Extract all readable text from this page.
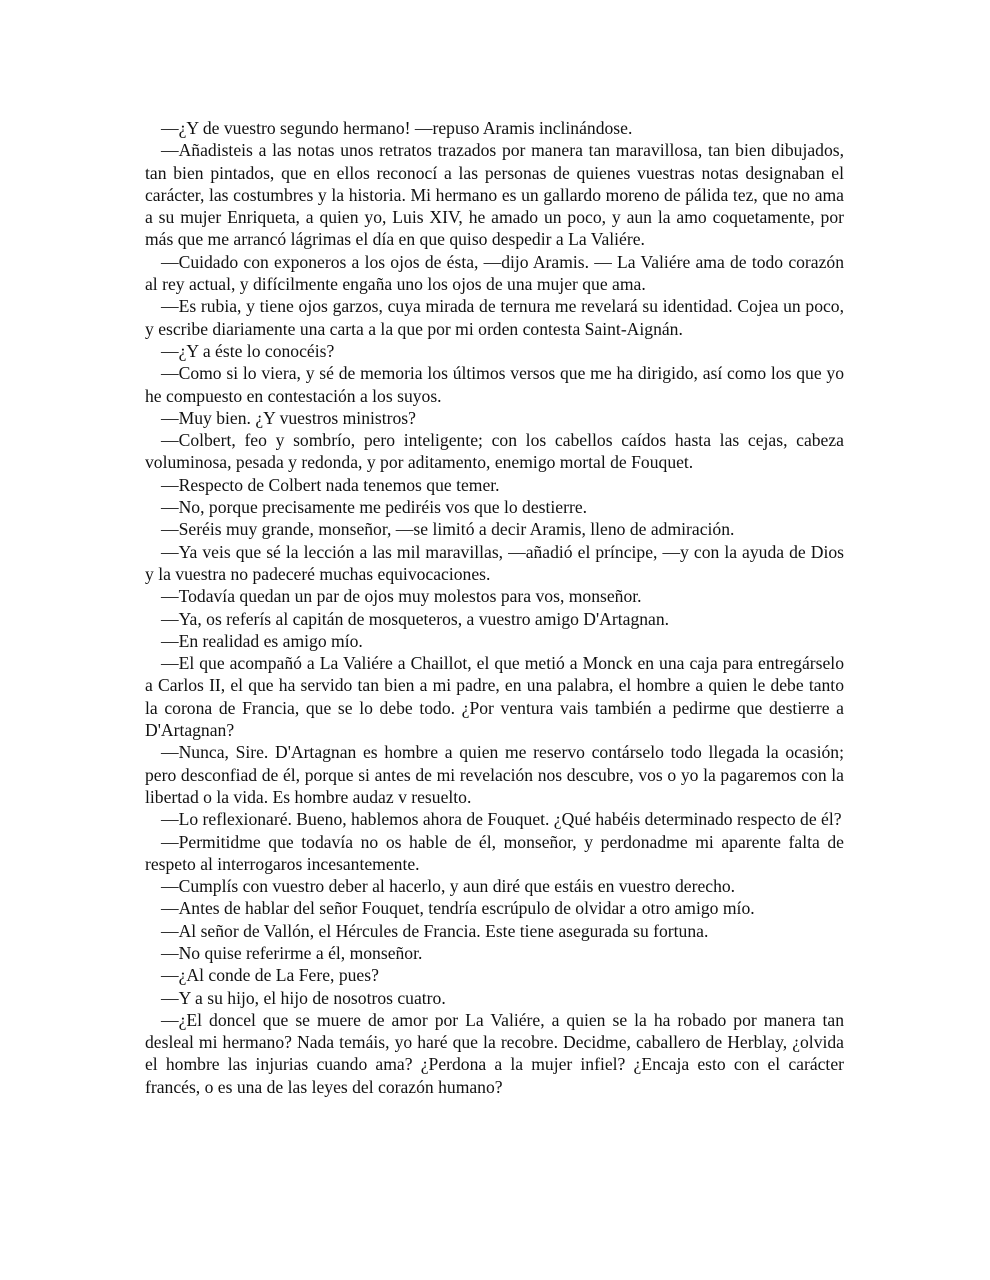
—¿Y de vuestro segundo hermano! —repuso Aramis inclinándose.

—Añadisteis a las notas unos retratos trazados por manera tan maravillosa, tan bien dibujados, tan bien pintados, que en ellos reconocí a las personas de quienes vuestras notas designaban el carácter, las costumbres y la historia. Mi hermano es un gallardo moreno de pálida tez, que no ama a su mujer Enriqueta, a quien yo, Luis XIV, he amado un poco, y aun la amo coquetamente, por más que me arrancó lágrimas el día en que quiso despedir a La Valiére.

—Cuidado con exponeros a los ojos de ésta, —dijo Aramis. — La Valiére ama de todo corazón al rey actual, y difícilmente engaña uno los ojos de una mujer que ama.

—Es rubia, y tiene ojos garzos, cuya mirada de ternura me revelará su identidad. Cojea un poco, y escribe diariamente una carta a la que por mi orden contesta Saint-Aignán.

—¿Y a éste lo conocéis?

—Como si lo viera, y sé de memoria los últimos versos que me ha dirigido, así como los que yo he compuesto en contestación a los suyos.

—Muy bien. ¿Y vuestros ministros?

—Colbert, feo y sombrío, pero inteligente; con los cabellos caídos hasta las cejas, cabeza voluminosa, pesada y redonda, y por aditamento, enemigo mortal de Fouquet.

—Respecto de Colbert nada tenemos que temer.

—No, porque precisamente me pediréis vos que lo destierre.

—Seréis muy grande, monseñor, —se limitó a decir Aramis, lleno de admiración.

—Ya veis que sé la lección a las mil maravillas, —añadió el príncipe, —y con la ayuda de Dios y la vuestra no padeceré muchas equivocaciones.

—Todavía quedan un par de ojos muy molestos para vos, monseñor.

—Ya, os referís al capitán de mosqueteros, a vuestro amigo D'Artagnan.

—En realidad es amigo mío.

—El que acompañó a La Valiére a Chaillot, el que metió a Monck en una caja para entregárselo a Carlos II, el que ha servido tan bien a mi padre, en una palabra, el hombre a quien le debe tanto la corona de Francia, que se lo debe todo. ¿Por ventura vais también a pedirme que destierre a D'Artagnan?

—Nunca, Sire. D'Artagnan es hombre a quien me reservo contárselo todo llegada la ocasión; pero desconfiad de él, porque si antes de mi revelación nos descubre, vos o yo la pagaremos con la libertad o la vida. Es hombre audaz v resuelto.

—Lo reflexionaré. Bueno, hablemos ahora de Fouquet. ¿Qué habéis determinado respecto de él?

—Permitidme que todavía no os hable de él, monseñor, y perdonadme mi aparente falta de respeto al interrogaros incesantemente.

—Cumplís con vuestro deber al hacerlo, y aun diré que estáis en vuestro derecho.

—Antes de hablar del señor Fouquet, tendría escrúpulo de olvidar a otro amigo mío.

—Al señor de Vallón, el Hércules de Francia. Este tiene asegurada su fortuna.

—No quise referirme a él, monseñor.

—¿Al conde de La Fere, pues?

—Y a su hijo, el hijo de nosotros cuatro.

—¿El doncel que se muere de amor por La Valiére, a quien se la ha robado por manera tan desleal mi hermano? Nada temáis, yo haré que la recobre. Decidme, caballero de Herblay, ¿olvida el hombre las injurias cuando ama? ¿Perdona a la mujer infiel? ¿Encaja esto con el carácter francés, o es una de las leyes del corazón humano?
